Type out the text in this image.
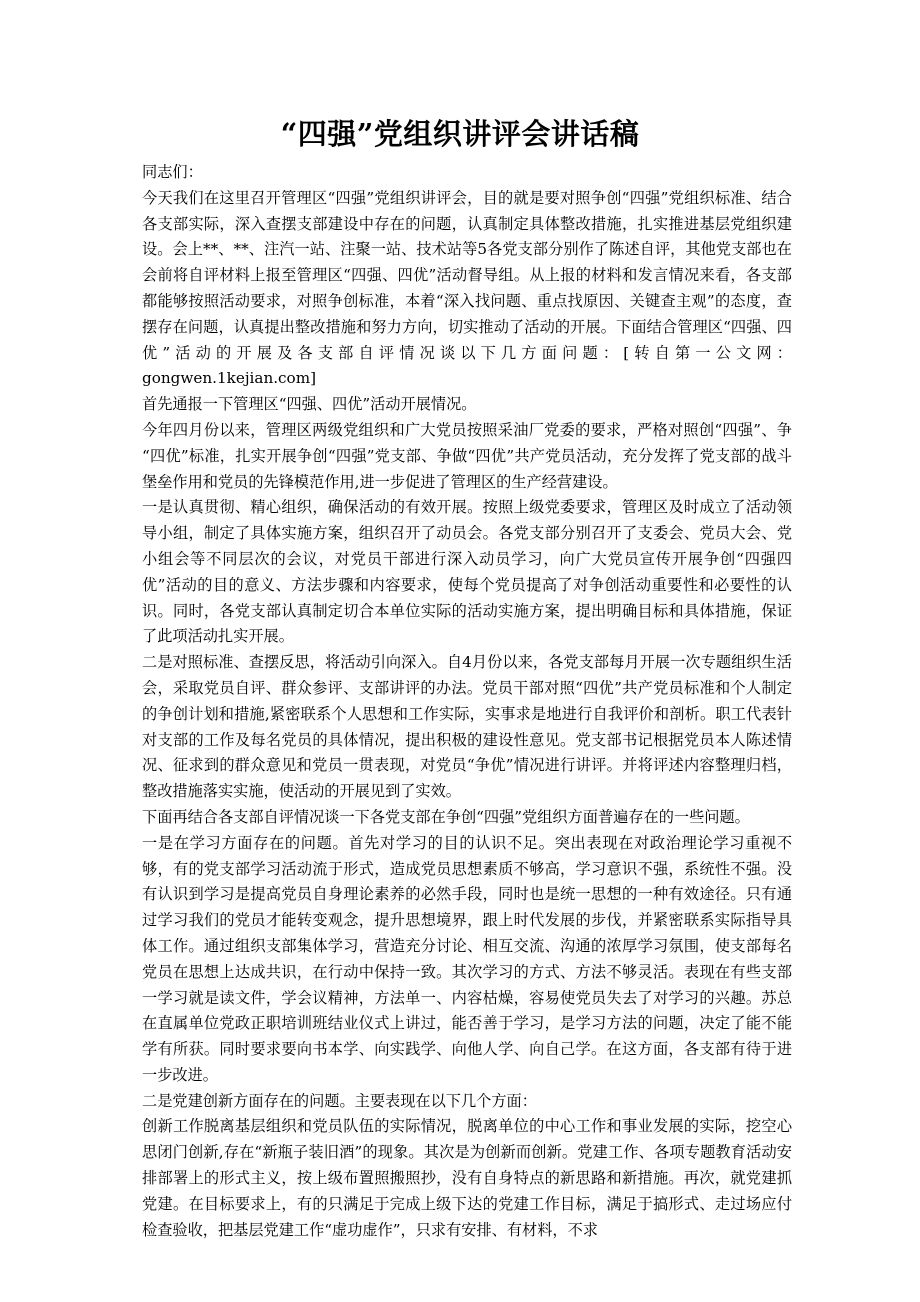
“四强”党组织讲评会讲话稿

同志们：

今天我们在这里召开管理区“四强”党组织讲评会，目的就是要对照争创“四强”党组织标准、结合各支部实际，深入查摆支部建设中存在的问题，认真制定具体整改措施，扎实推进基层党组织建设。会上**、**、注汽一站、注聚一站、技术站等5各党支部分别作了陈述自评，其他党支部也在会前将自评材料上报至管理区“四强、四优”活动督导组。从上报的材料和发言情况来看，各支部都能够按照活动要求，对照争创标准，本着“深入找问题、重点找原因、关键查主观”的态度，查摆存在问题，认真提出整改措施和努力方向，切实推动了活动的开展。下面结合管理区“四强、四优”活动的开展及各支部自评情况谈以下几方面问题：[转自第一公文网：gongwen.1kejian.com]

首先通报一下管理区“四强、四优”活动开展情况。

今年四月份以来，管理区两级党组织和广大党员按照采油厂党委的要求，严格对照创“四强”、争 “四优”标准，扎实开展争创“四强”党支部、争做“四优”共产党员活动，充分发挥了党支部的战斗堡垒作用和党员的先锋模范作用,进一步促进了管理区的生产经营建设。

一是认真贯彻、精心组织，确保活动的有效开展。按照上级党委要求，管理区及时成立了活动领导小组，制定了具体实施方案，组织召开了动员会。各党支部分别召开了支委会、党员大会、党小组会等不同层次的会议，对党员干部进行深入动员学习，向广大党员宣传开展争创“四强四优”活动的目的意义、方法步骤和内容要求，使每个党员提高了对争创活动重要性和必要性的认识。同时，各党支部认真制定切合本单位实际的活动实施方案，提出明确目标和具体措施，保证了此项活动扎实开展。

二是对照标准、查摆反思，将活动引向深入。自4月份以来，各党支部每月开展一次专题组织生活会，采取党员自评、群众参评、支部讲评的办法。党员干部对照“四优”共产党员标准和个人制定的争创计划和措施,紧密联系个人思想和工作实际，实事求是地进行自我评价和剖析。职工代表针对支部的工作及每名党员的具体情况，提出积极的建设性意见。党支部书记根据党员本人陈述情况、征求到的群众意见和党员一贯表现，对党员“争优”情况进行讲评。并将评述内容整理归档，整改措施落实实施，使活动的开展见到了实效。

下面再结合各支部自评情况谈一下各党支部在争创“四强”党组织方面普遍存在的一些问题。

一是在学习方面存在的问题。首先对学习的目的认识不足。突出表现在对政治理论学习重视不够，有的党支部学习活动流于形式，造成党员思想素质不够高，学习意识不强，系统性不强。没有认识到学习是提高党员自身理论素养的必然手段，同时也是统一思想的一种有效途径。只有通过学习我们的党员才能转变观念，提升思想境界，跟上时代发展的步伐，并紧密联系实际指导具体工作。通过组织支部集体学习，营造充分讨论、相互交流、沟通的浓厚学习氛围，使支部每名党员在思想上达成共识，在行动中保持一致。其次学习的方式、方法不够灵活。表现在有些支部一学习就是读文件，学会议精神，方法单一、内容枯燥，容易使党员失去了对学习的兴趣。苏总在直属单位党政正职培训班结业仪式上讲过，能否善于学习，是学习方法的问题，决定了能不能学有所获。同时要求要向书本学、向实践学、向他人学、向自己学。在这方面，各支部有待于进一步改进。

二是党建创新方面存在的问题。主要表现在以下几个方面：

创新工作脱离基层组织和党员队伍的实际情况，脱离单位的中心工作和事业发展的实际，挖空心思闭门创新,存在“新瓶子装旧酒”的现象。其次是为创新而创新。党建工作、各项专题教育活动安排部署上的形式主义，按上级布置照搬照抄，没有自身特点的新思路和新措施。再次，就党建抓党建。在目标要求上，有的只满足于完成上级下达的党建工作目标，满足于搞形式、走过场应付检查验收，把基层党建工作“虚功虚作”，只求有安排、有材料，不求
